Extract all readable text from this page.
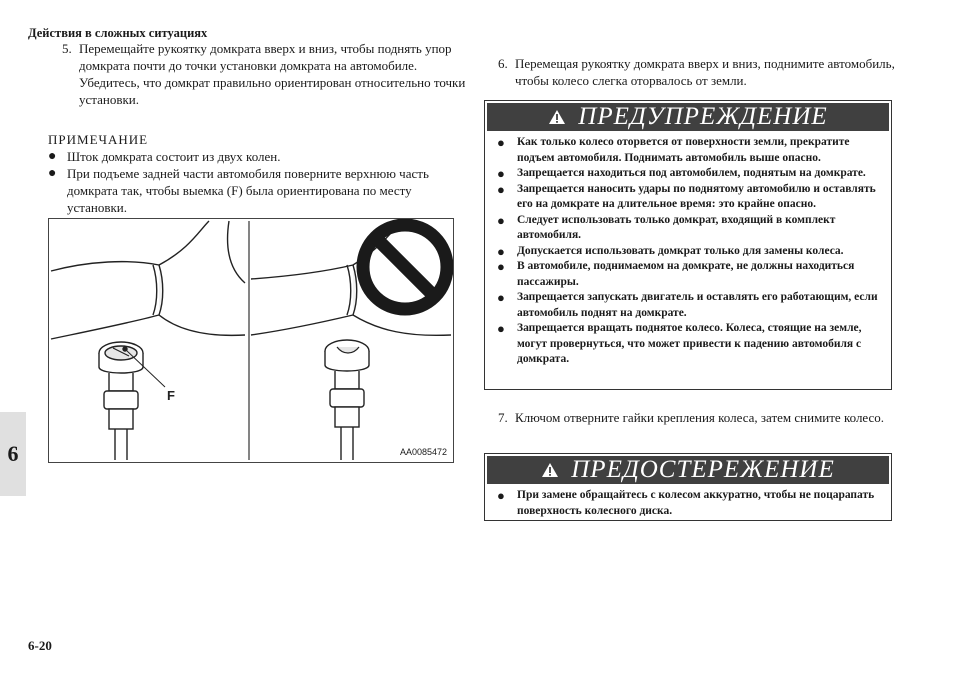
Действия в сложных ситуациях
6
5. Перемещайте рукоятку домкрата вверх и вниз, чтобы поднять упор домкрата почти до точки установки домкрата на автомобиле. Убедитесь, что домкрат правильно ориентирован относительно точки установки.
ПРИМЕЧАНИЕ
● Шток домкрата состоит из двух колен.
● При подъеме задней части автомобиля поверните верхнюю часть домкрата так, чтобы выемка (F) была ориентирована по месту установки.
F
AA0085472
6. Перемещая рукоятку домкрата вверх и вниз, поднимите автомобиль, чтобы колесо слегка оторвалось от земли.
ПРЕДУПРЕЖДЕНИЕ
● Как только колесо оторвется от поверхности земли, прекратите подъем автомобиля. Поднимать автомобиль выше опасно.
● Запрещается находиться под автомобилем, поднятым на домкрате.
● Запрещается наносить удары по поднятому автомобилю и оставлять его на домкрате на длительное время: это крайне опасно.
● Следует использовать только домкрат, входящий в комплект автомобиля.
● Допускается использовать домкрат только для замены колеса.
● В автомобиле, поднимаемом на домкрате, не должны находиться пассажиры.
● Запрещается запускать двигатель и оставлять его работающим, если автомобиль поднят на домкрате.
● Запрещается вращать поднятое колесо. Колеса, стоящие на земле, могут провернуться, что может привести к падению автомобиля с домкрата.
7. Ключом отверните гайки крепления колеса, затем снимите колесо.
ПРЕДОСТЕРЕЖЕНИЕ
● При замене обращайтесь с колесом аккуратно, чтобы не поцарапать поверхность колесного диска.
6-20
